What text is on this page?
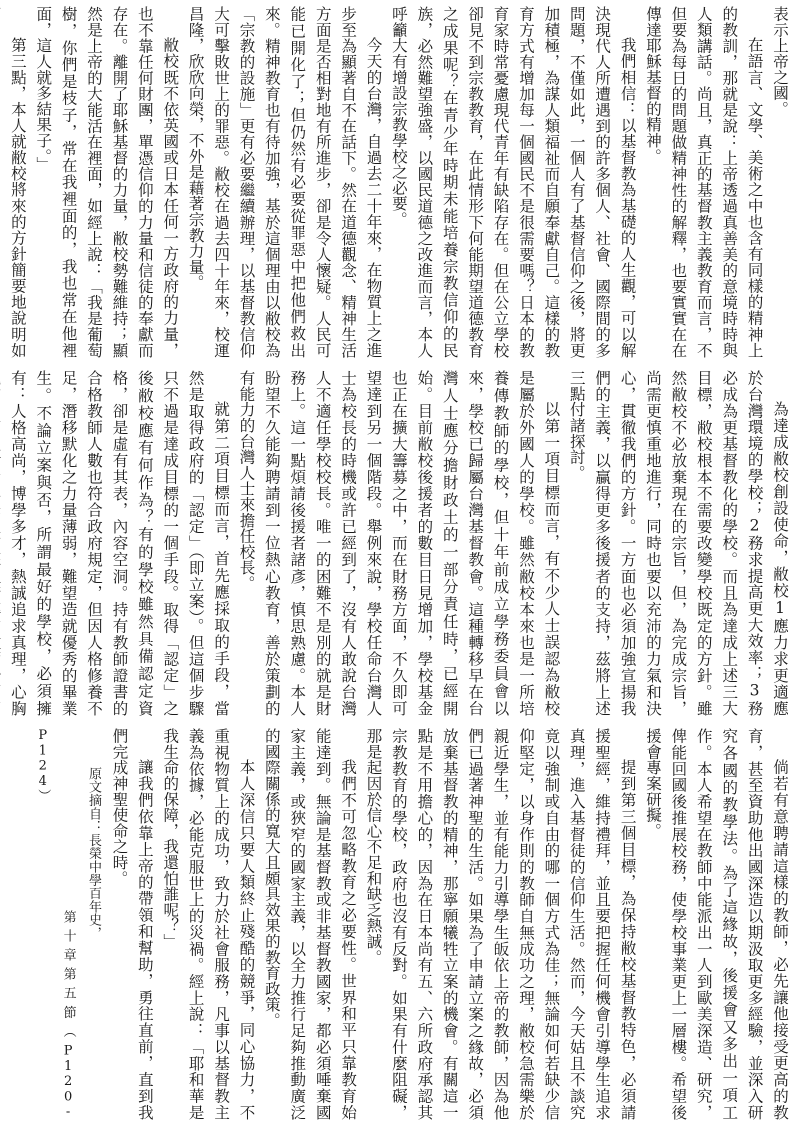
表示上帝之國。

在語言、文學、美術之中也含有同樣的精神上的教訓，那就是說：上帝透過真善美的意境時時與人類講話。尚且，真正的基督教主義教育而言，不但要為每日的問題做精神性的解釋，也要實實在在傳達耶穌基督的精神。

我們相信：以基督教為基礎的人生觀，可以解決現代人所遭遇到的許多個人、社會、國際間的多問題，不僅如此，一個人有了基督信仰之後，將更加積極，為謀人類福祉而自願奉獻自己。這樣的教育方式有增加每一個國民不是很需要嗎？日本的教育家時常憂慮現代青年有缺陷存在。但在公立學校卻見不到宗教教育，在此情形下何能期望道德教育之成果呢？在青少年時期未能培養宗教信仰的民族，必然難望強盛，以國民道德之改進而言，本人呼籲大有增設宗教學校之必要。

今天的台灣，自過去二十年來，在物質上之進步至為顯著自不在話下。然在道德觀念、精神生活方面是否相對地有所進步，卻是令人懷疑。人民可能已開化了；但仍然有必要從罪惡中把他們救出來。精神教育也有待加強，基於這個理由以敝校為「宗教的設施」更有必要繼續辦理，以基督教信仰大可擊敗世上的罪惡。敝校在過去四十年來，校運昌隆，欣欣向榮，不外是藉著宗教力量。

敝校既不依英國或日本任何一方政府的力量，也不靠任何財團，單憑信仰的力量和信徒的奉獻而存在。離開了耶穌基督的力量，敝校勢難維持；顯然是上帝的大能活在裡面，如經上說：「我是葡萄樹，你們是枝子，常在我裡面的，我也常在他裡面，這人就多結果子。」

第三點，本人就敝校將來的方針簡要地說明如

為達成敝校創設使命，敝校1應力求更適應於台灣環境的學校；2務求提高更大效率；3務必成為更基督教化的學校。而且為達成上述三大目標，敝校根本不需要改變學校既定的方針。雖然敝校不必放棄現在的宗旨，但，為完成宗旨，尚需更慎重地進行，同時也要以充沛的力氣和決心，貫徹我們的方針。一方面也必須加強宣揚我們的主義，以贏得更多後援者的支持，茲將上述三點付諸探討。

以第一項目標而言，有不少人士誤認為敝校是屬於外國人的學校。雖然敝校本來也是一所培養傳教師的學校，但十年前成立學務委員會以來，學校已歸屬台灣基督教會。這種轉移早在台灣人士應分擔財政土的一部分責任時，已經開始。目前敝校後援者的數目日見增加，學校基金也正在擴大籌募之中，而在財務方面，不久即可望達到另一個階段。舉例來說，學校任命台灣人士為校長的時機或許已經到了，沒有人敢說台灣人不適任學校校長。唯一的困難不是別的就是財務上。這一點煩請後援者諸彥，慎思熟慮。本人盼望不久能夠聘請到一位熱心教育，善於策劃的有能力的台灣人士來擔任校長。

就第二項目標而言，首先應採取的手段，當然是取得政府的「認定」（即立案）。但這個步驟只不過是達成目標的一個手段。取得「認定」之後敝校應有何作為？有的學校雖然具備認定資格，卻是虛有其表，內容空洞。持有教師證書的合格教師人數也符合政府規定，但因人格修養不足，潛移默化之力量薄弱，難望造就優秀的畢業生。不論立案與否，所謂最好的學校，必須擁有：人格高尚，博學多才，熱誠追求真理，心胸

倘若有意聘請這樣的教師，必先讓他接受更高的教育，甚至資助他出國深造以期汲取更多經驗，並深入研究各國的教學法。為了這緣故，後援會又多出一項工作。本人希望在教師中能派出一人到歐美深造、研究，俾能回國後推展校務，使學校事業更上一層樓。希望後援會專案研擬。

提到第三個目標，為保持敝校基督教特色，必須請援聖經，維持禮拜，並且要把握任何機會引導學生追求真理，進入基督徒的信仰生活。然而，今天姑且不談究竟以強制或自由的哪一個方式為佳；無論如何若缺少信仰堅定，以身作則的教師自無成功之理，敝校急需樂於親近學生，並有能力引導學生皈依上帝的教師，因為他們已過著神聖的生活。如果為了申請立案之緣故，必須放棄基督教的精神，那寧願犧牲立案的機會。有關這一點是不用擔心的，因為在日本尚有五、六所政府承認其宗教教育的學校，政府也沒有反對。如果有什麼阻礙，那是起因於信心不足和缺乏熱誠。

我們不可忽略教育之必要性。世界和平只靠教育始能達到。無論是基督教或非基督教國家，都必須唾棄國家主義，或狹窄的國家主義，以全力推行足夠推動廣泛的國際關係的寬大且頗具效果的教育政策。

本人深信只要人類終止殘酷的競爭，同心協力，不重視物質上的成功，致力於社會服務，凡事以基督教主義為依據，必能克服世上的災禍。經上說：「耶和華是我生命的保障，我還怕誰呢？」

讓我們依靠上帝的帶領和幫助，勇往直前，直到我們完成神聖使命之時。

原文摘自：長榮中學百年史，

第十章第五節（P120-P124）
